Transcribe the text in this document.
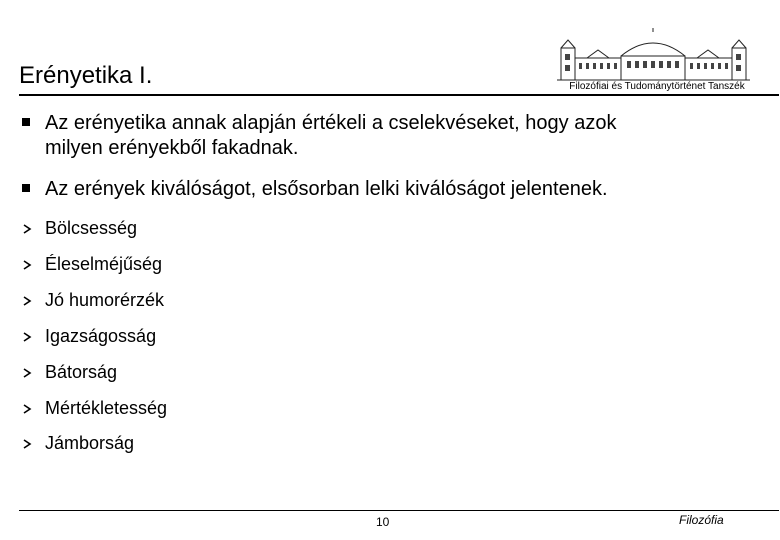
Erényetika I.	Filozófiai és Tudománytörténet Tanszék
Az erényetika annak alapján értékeli a cselekvéseket, hogy azok
milyen erényekből fakadnak.
Az erények kiválóságot, elsősorban lelki kiválóságot jelentenek.
Bölcsesség
Éleselméjűség
Jó humorérzék
Igazságosság
Bátorság
Mértékletesség
Jámborság
10	Filozófia
